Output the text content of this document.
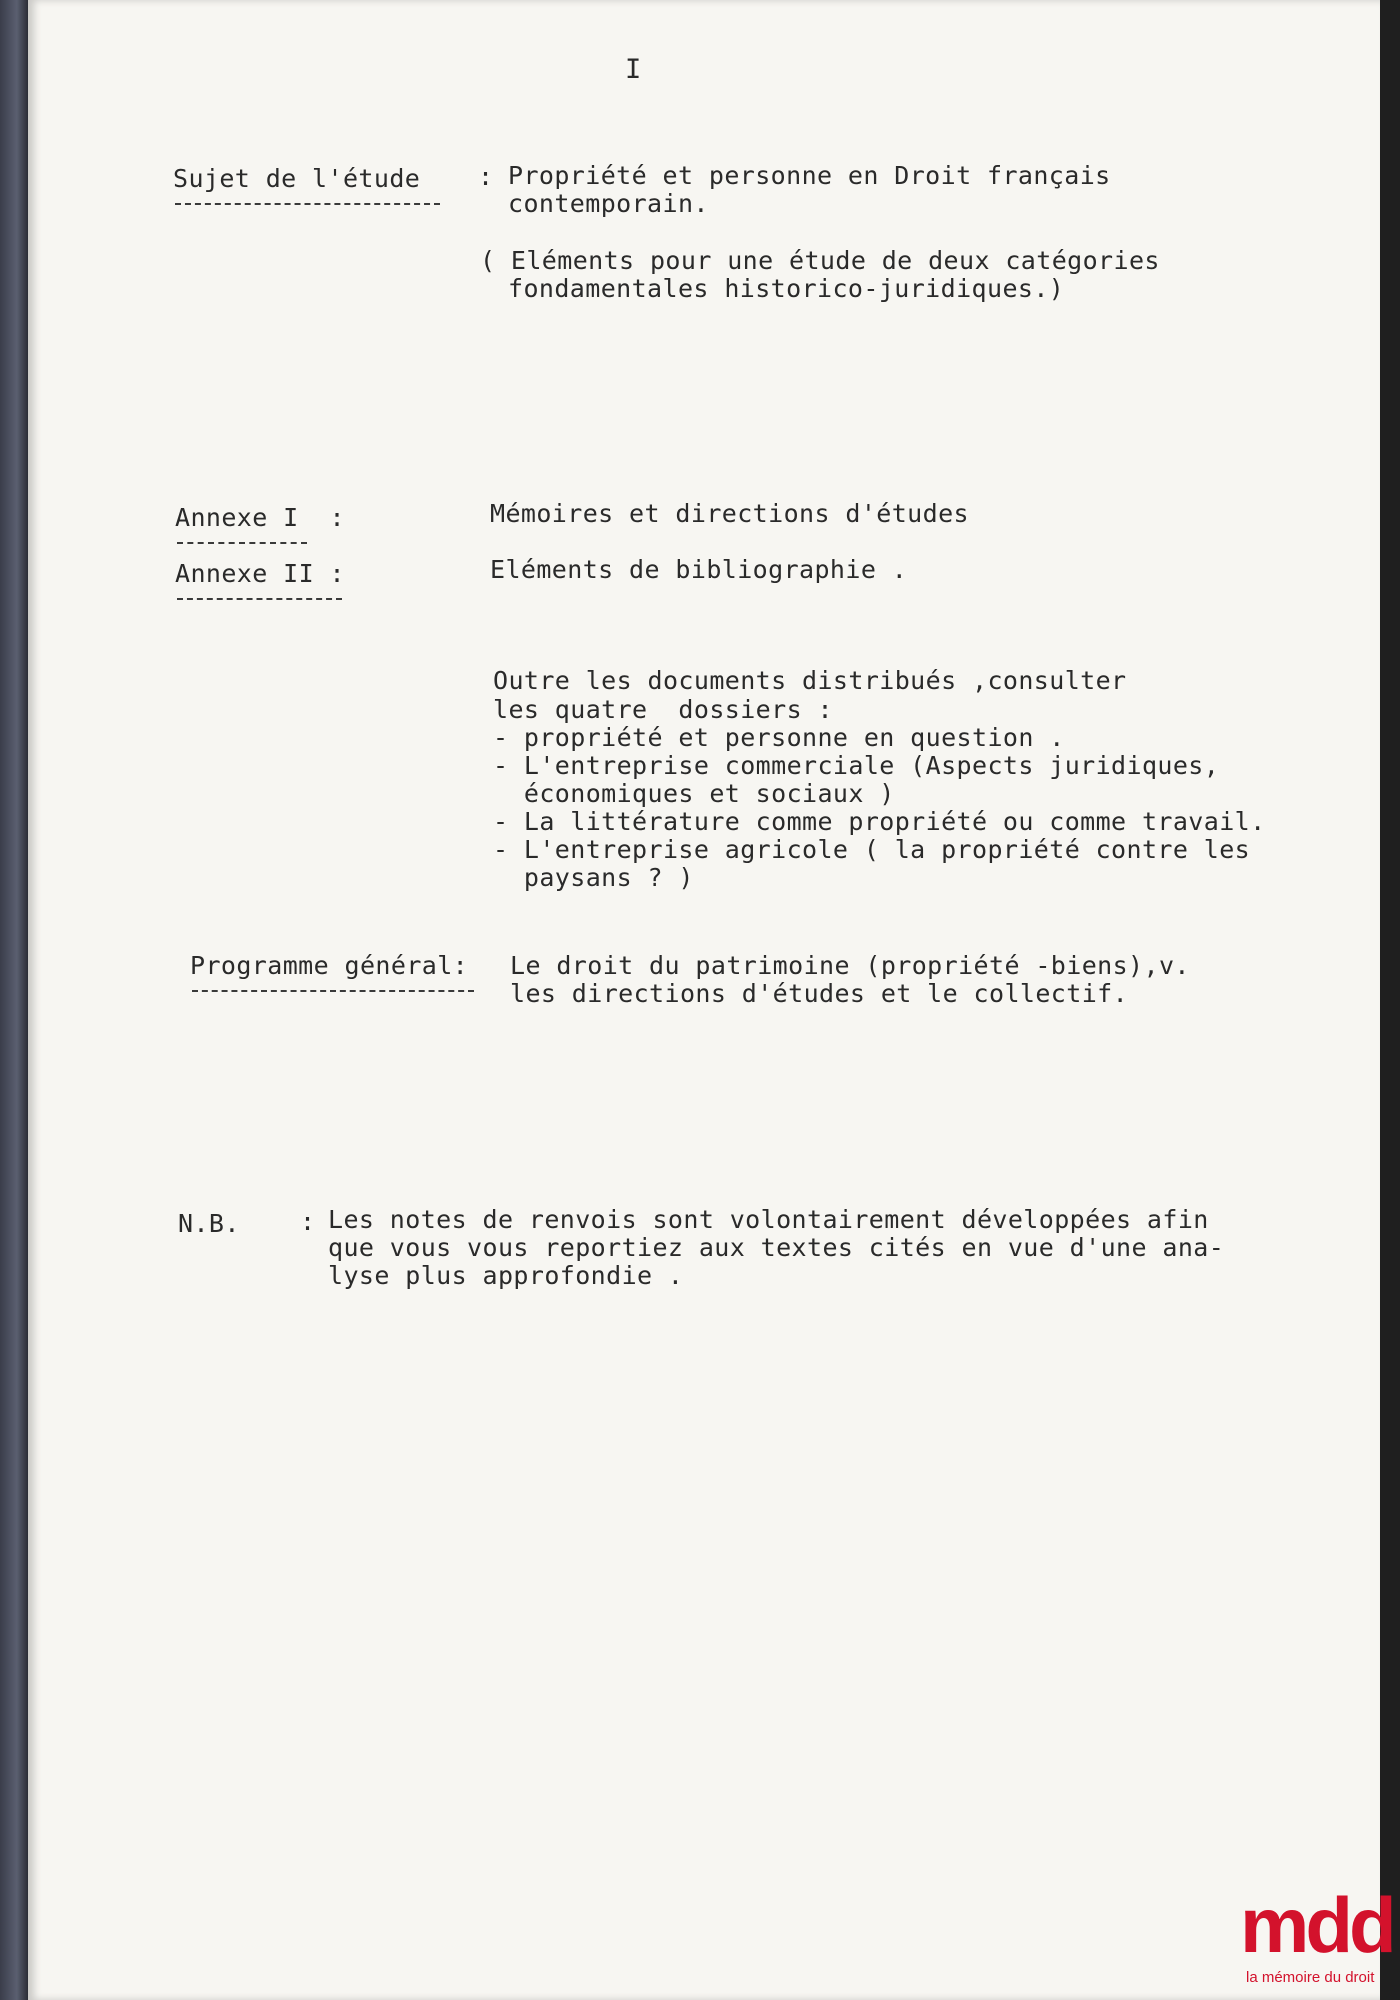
I

Sujet de l'étude : Propriété et personne en Droit français

contemporain.

( Eléments pour une étude de deux catégories

fondamentales historico-juridiques.)

Annexe I  :	Mémoires et directions d'études

Annexe II :	Eléments de bibliographie .

Outre les documents distribués ,consulter

les quatre  dossiers :

- propriété et personne en question .

- L'entreprise commerciale (Aspects juridiques,

économiques et sociaux )

- La littérature comme propriété ou comme travail.

- L'entreprise agricole ( la propriété contre les

paysans ? )

Programme général: Le droit du patrimoine (propriété -biens),v.

les directions d'études et le collectif.

N.B. : Les notes de renvois sont volontairement développées afin

que vous vous reportiez aux textes cités en vue d'une ana-

lyse plus approfondie .

mdd
la mémoire du droit
